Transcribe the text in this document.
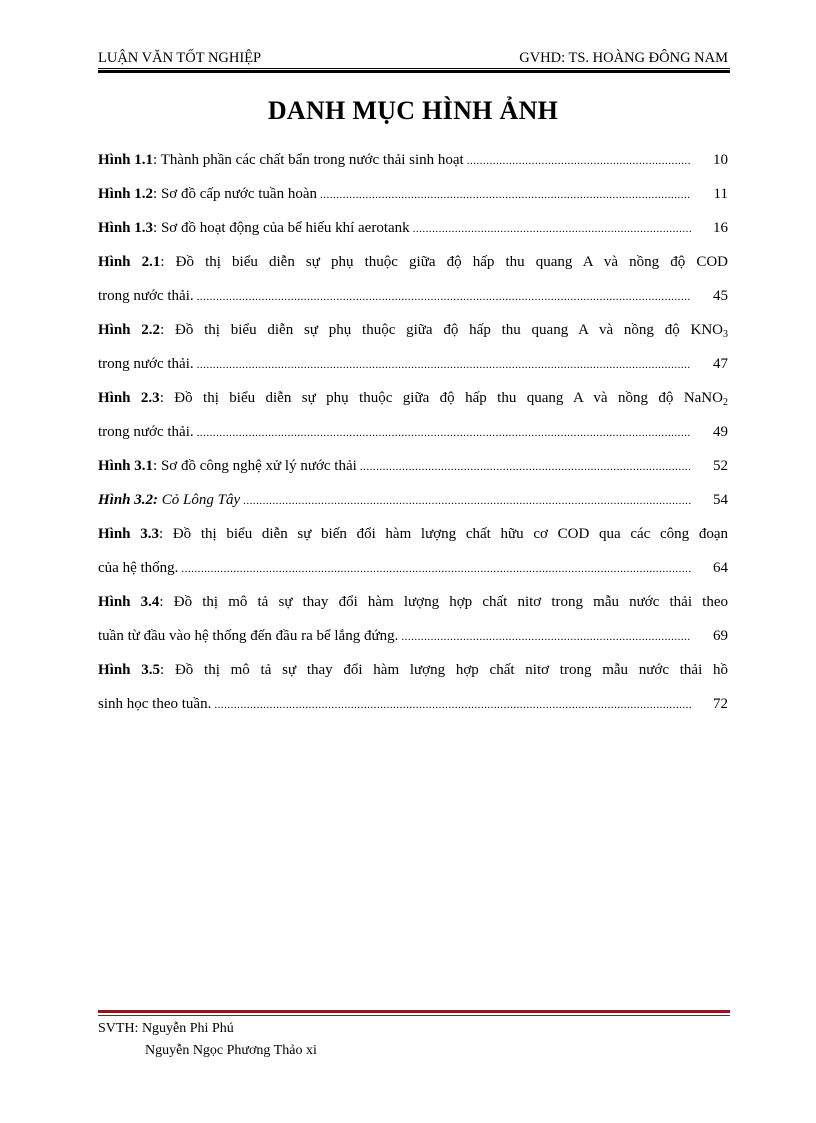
LUẬN VĂN TỐT NGHIỆP	GVHD: TS. HOÀNG ĐÔNG NAM
DANH MỤC HÌNH ẢNH
Hình 1.1: Thành phần các chất bẩn trong nước thải sinh hoạt .....	10
Hình 1.2: Sơ đồ cấp nước tuần hoàn .....	11
Hình 1.3: Sơ đồ hoạt động của bể hiếu khí aerotank .....	16
Hình 2.1: Đồ thị biểu diễn sự phụ thuộc giữa độ hấp thu quang A và nồng độ COD
trong nước thải. .....	45
Hình 2.2: Đồ thị biểu diễn sự phụ thuộc giữa độ hấp thu quang A và nồng độ $KNO_3$
trong nước thải. .....	47
Hình 2.3: Đồ thị biểu diễn sự phụ thuộc giữa độ hấp thu quang A và nồng độ NaNO$_2$
trong nước thải. .....	49
Hình 3.1: Sơ đồ công nghệ xử lý nước thải .....	52
Hình 3.2: Cỏ Lông Tây .....	54
Hình 3.3: Đồ thị biểu diễn sự biến đổi hàm lượng chất hữu cơ COD qua các công đoạn
của hệ thống. .....	64
Hình 3.4: Đồ thị mô tả sự thay đổi hàm lượng hợp chất nitơ trong mẫu nước thải theo
tuần từ đầu vào hệ thống đến đầu ra bể lắng đứng. .....	69
Hình 3.5: Đồ thị mô tả sự thay đổi hàm lượng hợp chất nitơ trong mẫu nước thải hồ
sinh học theo tuần. .....	72
SVTH: Nguyễn Phi Phú
Nguyễn Ngọc Phương Thảo xi
